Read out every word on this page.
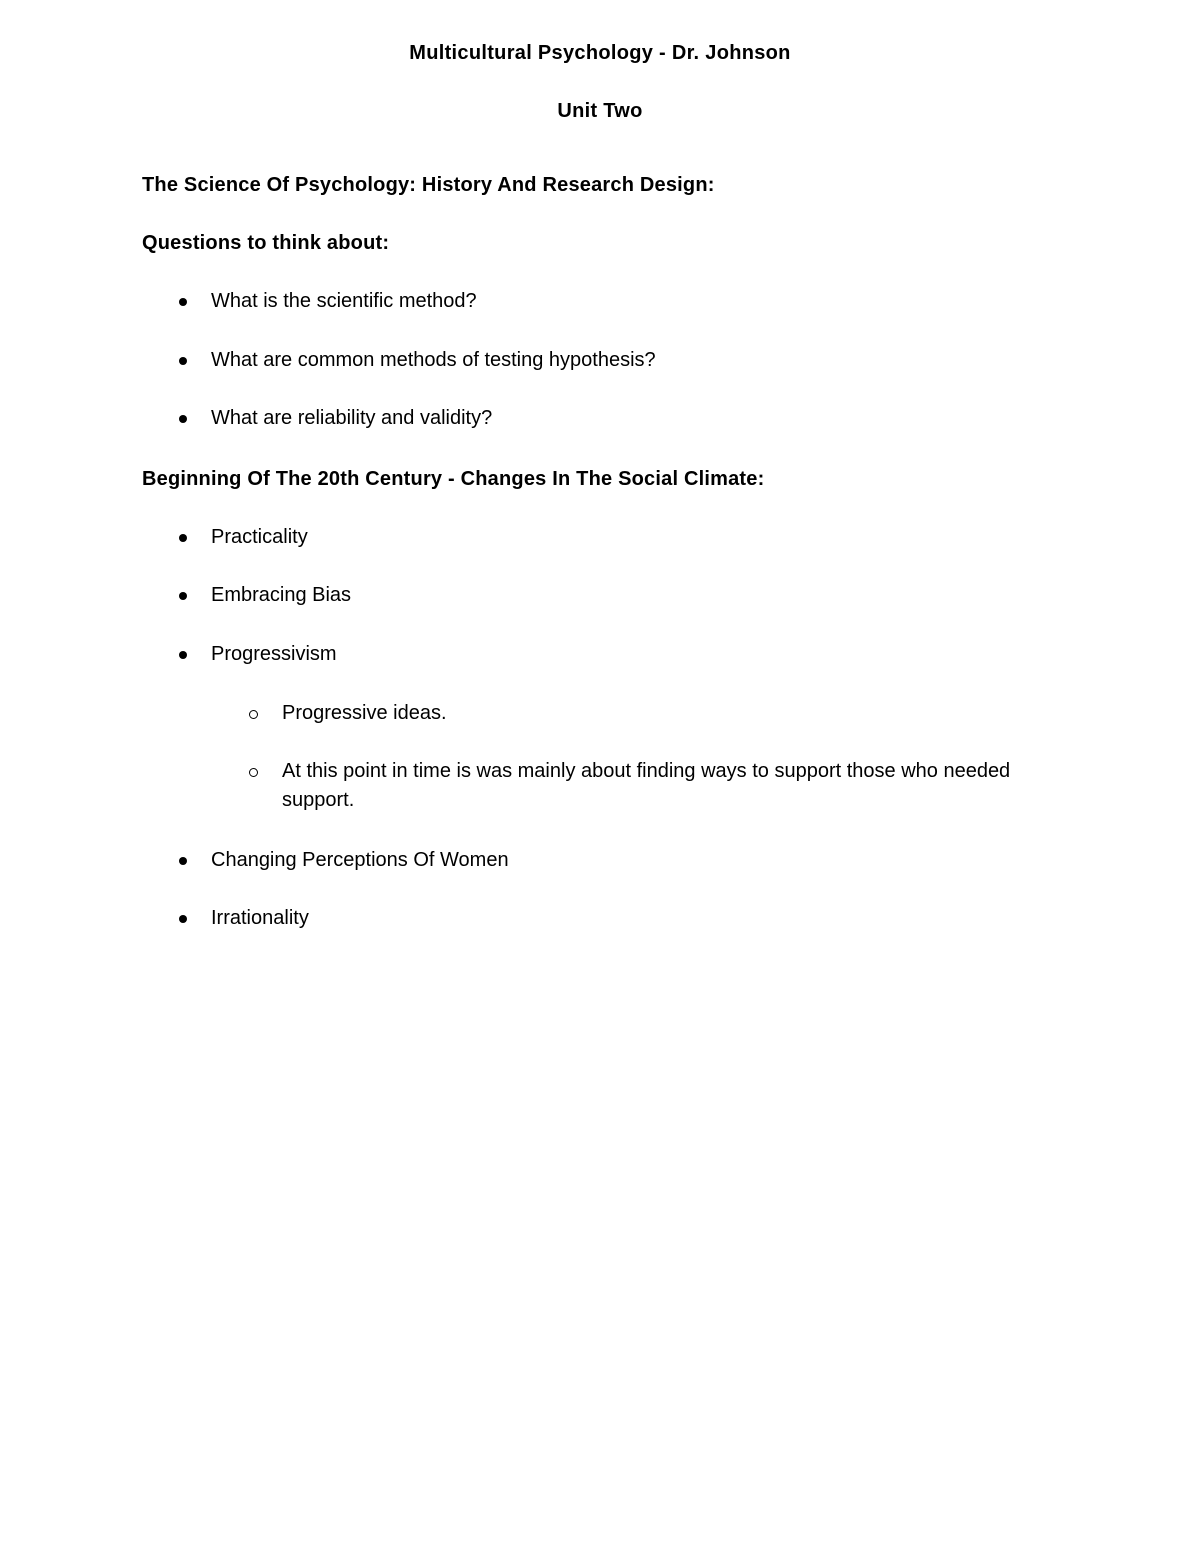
Multicultural Psychology - Dr. Johnson
Unit Two
The Science Of Psychology: History And Research Design:
Questions to think about:
What is the scientific method?
What are common methods of testing hypothesis?
What are reliability and validity?
Beginning Of The 20th Century - Changes In The Social Climate:
Practicality
Embracing Bias
Progressivism
Progressive ideas.
At this point in time is was mainly about finding ways to support those who needed support.
Changing Perceptions Of Women
Irrationality
